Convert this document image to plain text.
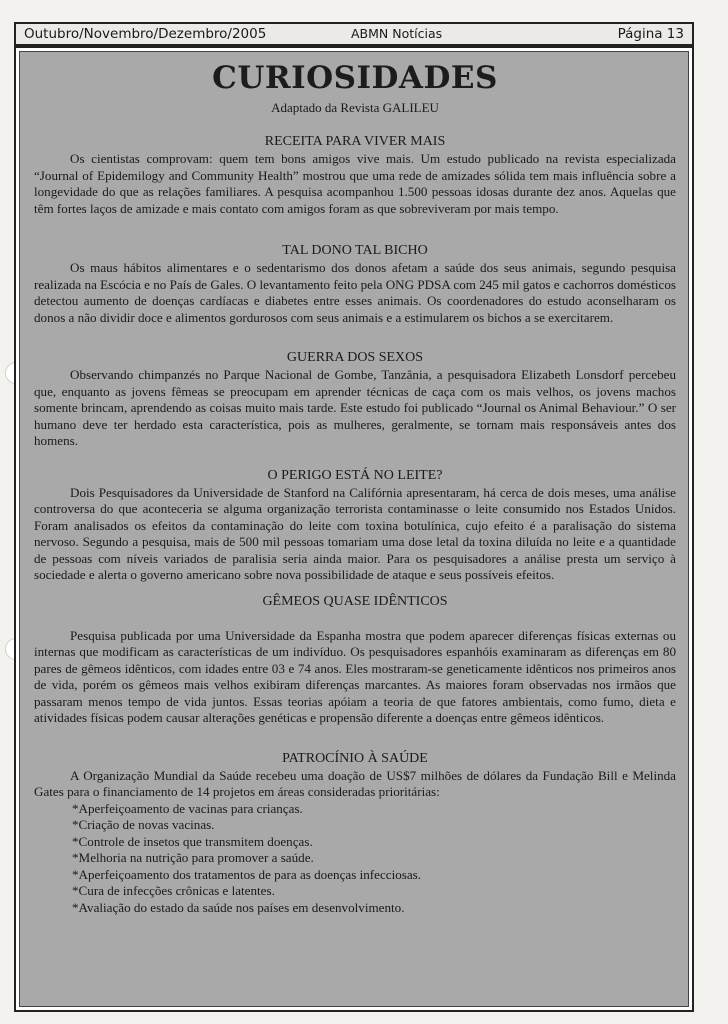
Outubro/Novembro/Dezembro/2005	ABMN Notícias	Página 13
CURIOSIDADES
Adaptado da Revista GALILEU
RECEITA PARA VIVER MAIS

Os cientistas comprovam: quem tem bons amigos vive mais. Um estudo publicado na revista especializada “Journal of Epidemilogy and Community Health” mostrou que uma rede de amizades sólida tem mais influência sobre a longevidade do que as relações familiares. A pesquisa acompanhou 1.500 pessoas idosas durante dez anos. Aquelas que têm fortes laços de amizade e mais contato com amigos foram as que sobreviveram por mais tempo.

TAL DONO TAL BICHO

Os maus hábitos alimentares e o sedentarismo dos donos afetam a saúde dos seus animais, segundo pesquisa realizada na Escócia e no País de Gales. O levantamento feito pela ONG PDSA com 245 mil gatos e cachorros domésticos detectou aumento de doenças cardíacas e diabetes entre esses animais. Os coordenadores do estudo aconselharam os donos a não dividir doce e alimentos gordurosos com seus animais e a estimularem os bichos a se exercitarem.

GUERRA DOS SEXOS

Observando chimpanzés no Parque Nacional de Gombe, Tanzânia, a pesquisadora Elizabeth Lonsdorf percebeu que, enquanto as jovens fêmeas se preocupam em aprender técnicas de caça com os mais velhos, os jovens machos somente brincam, aprendendo as coisas muito mais tarde. Este estudo foi publicado “Journal os Animal Behaviour.” O ser humano deve ter herdado esta característica, pois as mulheres, geralmente, se tornam mais responsáveis antes dos homens.

O PERIGO ESTÁ NO LEITE?

Dois Pesquisadores da Universidade de Stanford na Califórnia apresentaram, há cerca de dois meses, uma análise controversa do que aconteceria se alguma organização terrorista contaminasse o leite consumido nos Estados Unidos. Foram analisados os efeitos da contaminação do leite com toxina botulínica, cujo efeito é a paralisação do sistema nervoso. Segundo a pesquisa, mais de 500 mil pessoas tomariam uma dose letal da toxina diluída no leite e a quantidade de pessoas com níveis variados de paralisia seria ainda maior. Para os pesquisadores a análise presta um serviço à sociedade e alerta o governo americano sobre nova possibilidade de ataque e seus possíveis efeitos.

GÊMEOS QUASE IDÊNTICOS

Pesquisa publicada por uma Universidade da Espanha mostra que podem aparecer diferenças físicas externas ou internas que modificam as características de um indivíduo. Os pesquisadores espanhóis examinaram as diferenças em 80 pares de gêmeos idênticos, com idades entre 03 e 74 anos. Eles mostraram-se geneticamente idênticos nos primeiros anos de vida, porém os gêmeos mais velhos exibiram diferenças marcantes. As maiores foram observadas nos irmãos que passaram menos tempo de vida juntos. Essas teorias apóiam a teoria de que fatores ambientais, como fumo, dieta e atividades físicas podem causar alterações genéticas e propensão diferente a doenças entre gêmeos idênticos.

PATROCÍNIO À SAÚDE

A Organização Mundial da Saúde recebeu uma doação de US$7 milhões de dólares da Fundação Bill e Melinda Gates para o financiamento de 14 projetos em áreas consideradas prioritárias:

*Aperfeiçoamento de vacinas para crianças.
*Criação de novas vacinas.
*Controle de insetos que transmitem doenças.
*Melhoria na nutrição para promover a saúde.
*Aperfeiçoamento dos tratamentos de para as doenças infecciosas.
*Cura de infecções crônicas e latentes.
*Avaliação do estado da saúde nos países em desenvolvimento.
